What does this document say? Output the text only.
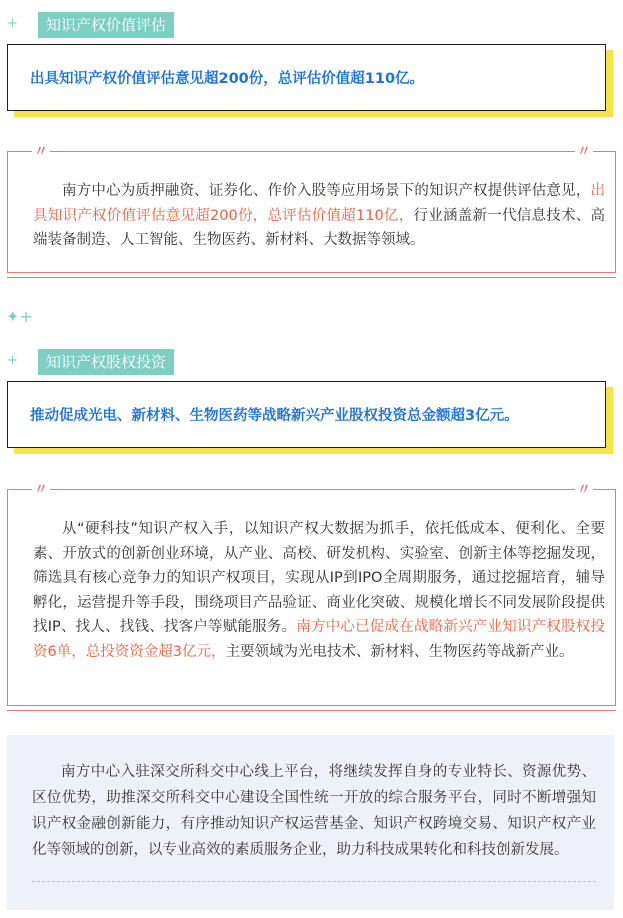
+	知识产权价值评估
出具知识产权价值评估意见超200份，总评估价值超110亿。
〃	〃
南方中心为质押融资、证券化、作价入股等应用场景下的知识产权提供评估意见，出具知识产权价值评估意见超200份，总评估价值超110亿，行业涵盖新一代信息技术、高端装备制造、人工智能、生物医药、新材料、大数据等领域。
✦+
+	知识产权股权投资
推动促成光电、新材料、生物医药等战略新兴产业股权投资总金额超3亿元。
〃	〃
从“硬科技”知识产权入手，以知识产权大数据为抓手，依托低成本、便利化、全要素、开放式的创新创业环境，从产业、高校、研发机构、实验室、创新主体等挖掘发现，筛选具有核心竞争力的知识产权项目，实现从IP到IPO全周期服务，通过挖掘培育，辅导孵化，运营提升等手段，围绕项目产品验证、商业化突破、规模化增长不同发展阶段提供找IP、找人、找钱、找客户等赋能服务。南方中心已促成在战略新兴产业知识产权股权投资6单，总投资资金超3亿元，主要领域为光电技术、新材料、生物医药等战新产业。
南方中心入驻深交所科交中心线上平台，将继续发挥自身的专业特长、资源优势、区位优势，助推深交所科交中心建设全国性统一开放的综合服务平台，同时不断增强知识产权金融创新能力，有序推动知识产权运营基金、知识产权跨境交易、知识产权产业化等领域的创新，以专业高效的素质服务企业，助力科技成果转化和科技创新发展。
